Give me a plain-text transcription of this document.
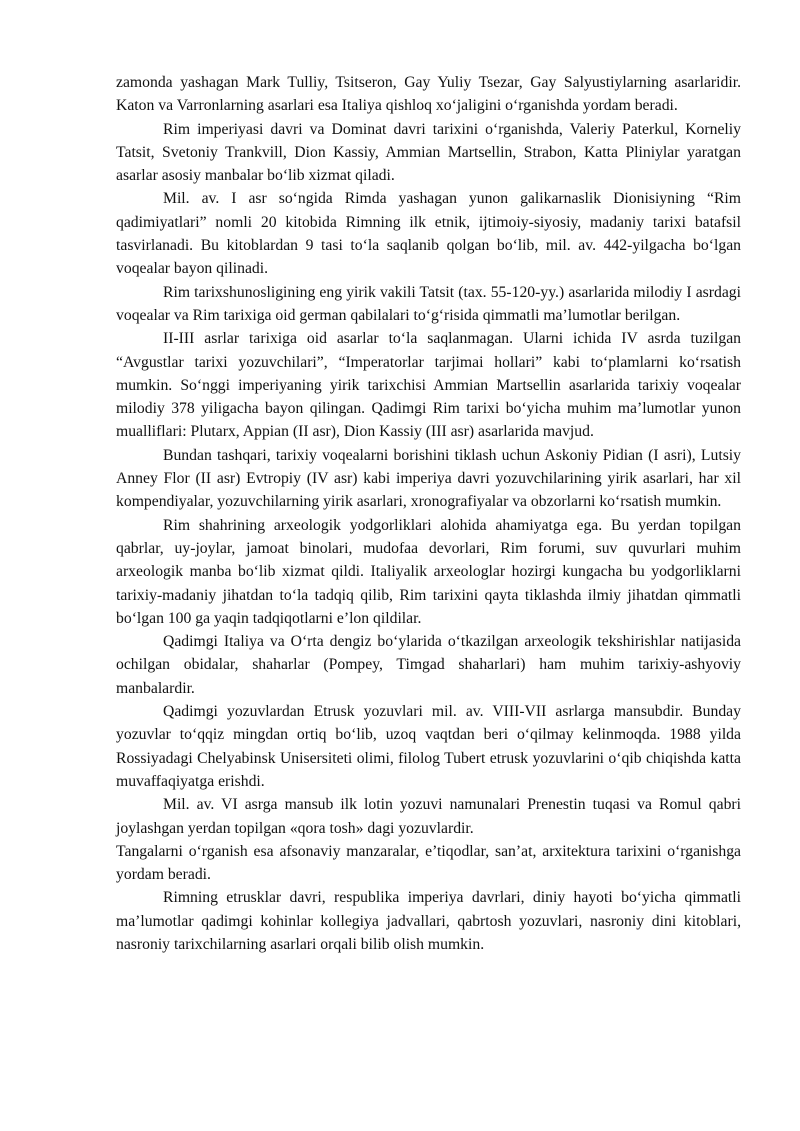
zamonda yashagan Mark Tulliy, Tsitseron, Gay Yuliy Tsezar, Gay Salyustiylarning asarlaridir. Katon va Varronlarning asarlari esa Italiya qishloq xo‘jaligini o‘rganishda yordam beradi.

Rim imperiyasi davri va Dominat davri tarixini o‘rganishda, Valeriy Paterkul, Korneliy Tatsit, Svetoniy Trankvill, Dion Kassiy, Ammian Martsellin, Strabon, Katta Pliniylar yaratgan asarlar asosiy manbalar bo‘lib xizmat qiladi.

Mil. av. I asr so‘ngida Rimda yashagan yunon galikarnaslik Dionisiyning “Rim qadimiyatlari” nomli 20 kitobida Rimning ilk etnik, ijtimoiy-siyosiy, madaniy tarixi batafsil tasvirlanadi. Bu kitoblardan 9 tasi to‘la saqlanib qolgan bo‘lib, mil. av. 442-yilgacha bo‘lgan voqealar bayon qilinadi.

Rim tarixshunosligining eng yirik vakili Tatsit (tax. 55-120-yy.) asarlarida milodiy I asrdagi voqealar va Rim tarixiga oid german qabilalari to‘g‘risida qimmatli ma’lumotlar berilgan.

II-III asrlar tarixiga oid asarlar to‘la saqlanmagan. Ularni ichida IV asrda tuzilgan “Avgustlar tarixi yozuvchilari”, “Imperatorlar tarjimai hollari” kabi to‘plamlarni ko‘rsatish mumkin. So‘nggi imperiyaning yirik tarixchisi Ammian Martsellin asarlarida tarixiy voqealar milodiy 378 yiligacha bayon qilingan. Qadimgi Rim tarixi bo‘yicha muhim ma’lumotlar yunon mualliflari: Plutarx, Appian (II asr), Dion Kassiy (III asr) asarlarida mavjud.

Bundan tashqari, tarixiy voqealarni borishini tiklash uchun Askoniy Pidian (I asri), Lutsiy Anney Flor (II asr) Evtropiy (IV asr) kabi imperiya davri yozuvchilarining yirik asarlari, har xil kompendiyalar, yozuvchilarning yirik asarlari, xronografiyalar va obzorlarni ko‘rsatish mumkin.

Rim shahrining arxeologik yodgorliklari alohida ahamiyatga ega. Bu yerdan topilgan qabrlar, uy-joylar, jamoat binolari, mudofaa devorlari, Rim forumi, suv quvurlari muhim arxeologik manba bo‘lib xizmat qildi. Italiyalik arxeologlar hozirgi kungacha bu yodgorliklarni tarixiy-madaniy jihatdan to‘la tadqiq qilib, Rim tarixini qayta tiklashda ilmiy jihatdan qimmatli bo‘lgan 100 ga yaqin tadqiqotlarni e’lon qildilar.

Qadimgi Italiya va O‘rta dengiz bo‘ylarida o‘tkazilgan arxeologik tekshirishlar natijasida ochilgan obidalar, shaharlar (Pompey, Timgad shaharlari) ham muhim tarixiy-ashyoviy manbalardir.

Qadimgi yozuvlardan Etrusk yozuvlari mil. av. VIII-VII asrlarga mansubdir. Bunday yozuvlar to‘qqiz mingdan ortiq bo‘lib, uzoq vaqtdan beri o‘qilmay kelinmoqda. 1988 yilda Rossiyadagi Chelyabinsk Unisersiteti olimi, filolog Tubert etrusk yozuvlarini o‘qib chiqishda katta muvaffaqiyatga erishdi.

Mil. av. VI asrga mansub ilk lotin yozuvi namunalari Prenestin tuqasi va Romul qabri joylashgan yerdan topilgan «qora tosh» dagi yozuvlardir.

Tangalarni o‘rganish esa afsonaviy manzaralar, e’tiqodlar, san’at, arxitektura tarixini o‘rganishga yordam beradi.

Rimning etrusklar davri, respublika imperiya davrlari, diniy hayoti bo‘yicha qimmatli ma’lumotlar qadimgi kohinlar kollegiya jadvallari, qabrtosh yozuvlari, nasroniy dini kitoblari, nasroniy tarixchilarning asarlari orqali bilib olish mumkin.
